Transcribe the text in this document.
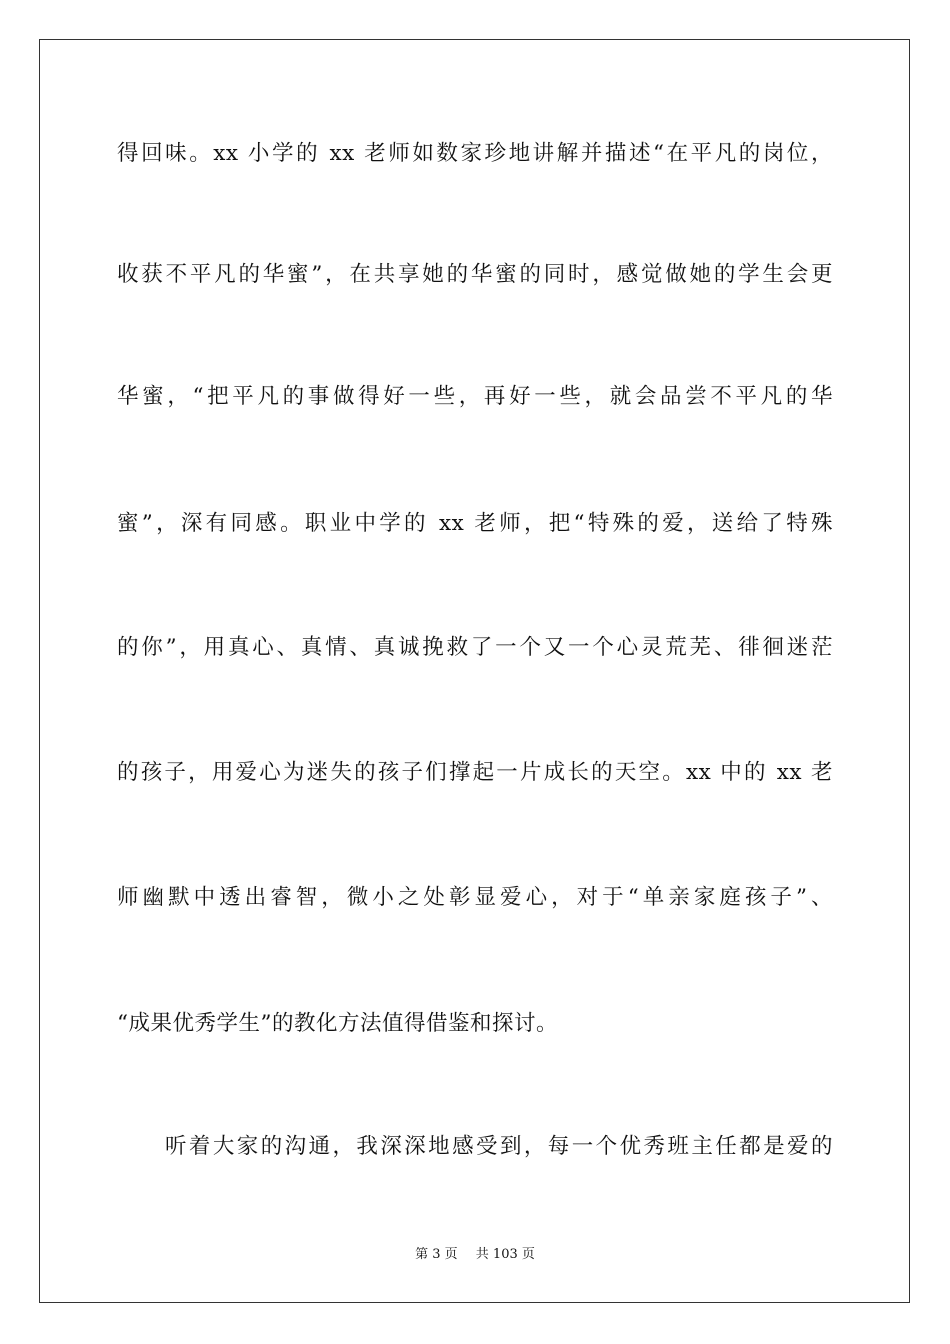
得回味。xx 小学的 xx 老师如数家珍地讲解并描述“在平凡的岗位，
收获不平凡的华蜜”，在共享她的华蜜的同时，感觉做她的学生会更
华蜜，“把平凡的事做得好一些，再好一些，就会品尝不平凡的华
蜜”，深有同感。职业中学的 xx 老师，把“特殊的爱，送给了特殊
的你”，用真心、真情、真诚挽救了一个又一个心灵荒芜、徘徊迷茫
的孩子，用爱心为迷失的孩子们撑起一片成长的天空。xx 中的 xx 老
师幽默中透出睿智，微小之处彰显爱心，对于“单亲家庭孩子”、
“成果优秀学生”的教化方法值得借鉴和探讨。
听着大家的沟通，我深深地感受到，每一个优秀班主任都是爱的
第 3 页 共 103 页
